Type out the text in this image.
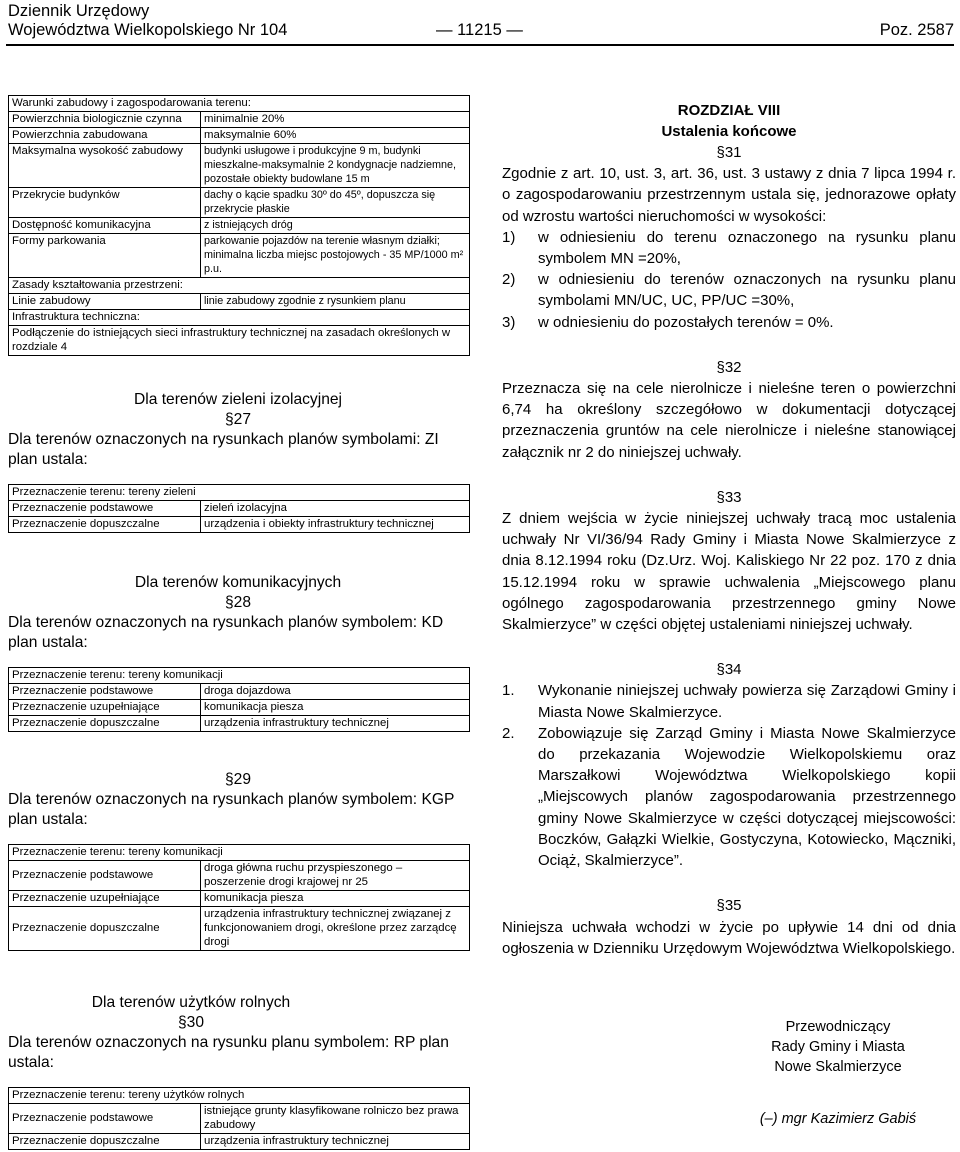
Dziennik Urzędowy
Województwa Wielkopolskiego Nr 104	— 11215 —	Poz. 2587
Warunki zabudowy i zagospodarowania terenu:	
Powierzchnia biologicznie czynna	minimalnie 20%
Powierzchnia zabudowana	maksymalnie 60%
Maksymalna wysokość zabudowy	budynki usługowe i produkcyjne 9 m, budynki mieszkalne-maksymalnie 2 kondygnacje nadziemne, pozostałe obiekty budowlane 15 m
Przekrycie budynków	dachy o kącie spadku 30º do 45º, dopuszcza się przekrycie płaskie
Dostępność komunikacyjna	z istniejących dróg
Formy parkowania	parkowanie pojazdów na terenie własnym działki; minimalna liczba miejsc postojowych - 35 MP/1000 m² p.u.
Zasady kształtowania przestrzeni:	
Linie zabudowy	linie zabudowy zgodnie z rysunkiem planu
Infrastruktura techniczna:	
Podłączenie do istniejących sieci infrastruktury technicznej na zasadach określonych w rozdziale 4	
Dla terenów zieleni izolacyjnej
§27
Dla terenów oznaczonych na rysunkach planów symbolami: ZI plan ustala:
Przeznaczenie terenu: tereny zieleni	
Przeznaczenie podstawowe	zieleń izolacyjna
Przeznaczenie dopuszczalne	urządzenia i obiekty infrastruktury technicznej
Dla terenów komunikacyjnych
§28
Dla terenów oznaczonych na rysunkach planów symbolem: KD plan ustala:
Przeznaczenie terenu: tereny komunikacji	
Przeznaczenie podstawowe	droga dojazdowa
Przeznaczenie uzupełniające	komunikacja piesza
Przeznaczenie dopuszczalne	urządzenia infrastruktury technicznej
§29
Dla terenów oznaczonych na rysunkach planów symbolem: KGP plan ustala:
Przeznaczenie terenu: tereny komunikacji	
Przeznaczenie podstawowe	droga główna ruchu przyspieszonego – poszerzenie drogi krajowej nr 25
Przeznaczenie uzupełniające	komunikacja piesza
Przeznaczenie dopuszczalne	urządzenia infrastruktury technicznej związanej z funkcjonowaniem drogi, określone przez zarządcę drogi
Dla terenów użytków rolnych
§30
Dla terenów oznaczonych na rysunku planu symbolem: RP plan ustala:
Przeznaczenie terenu: tereny użytków rolnych	
Przeznaczenie podstawowe	istniejące grunty klasyfikowane rolniczo bez prawa zabudowy
Przeznaczenie dopuszczalne	urządzenia infrastruktury technicznej
ROZDZIAŁ VIII
Ustalenia końcowe
§31

Zgodnie z art. 10, ust. 3, art. 36, ust. 3 ustawy z dnia 7 lipca 1994 r. o zagospodarowaniu przestrzennym ustala się, jednorazowe opłaty od wzrostu wartości nieruchomości w wysokości:

1)	w odniesieniu do terenu oznaczonego na rysunku planu symbolem MN =20%,
2)	w odniesieniu do terenów oznaczonych na rysunku planu symbolami MN/UC, UC, PP/UC =30%,
3)	w odniesieniu do pozostałych terenów = 0%.
§32

Przeznacza się na cele nierolnicze i nieleśne teren o powierzchni 6,74 ha określony szczegółowo w dokumentacji dotyczącej przeznaczenia gruntów na cele nierolnicze i nieleśne stanowiącej załącznik nr 2 do niniejszej uchwały.

§33

Z dniem wejścia w życie niniejszej uchwały tracą moc ustalenia uchwały Nr VI/36/94 Rady Gminy i Miasta Nowe Skalmierzyce z dnia 8.12.1994 roku (Dz.Urz. Woj. Kaliskiego Nr 22 poz. 170 z dnia 15.12.1994 roku w sprawie uchwalenia „Miejscowego planu ogólnego zagospodarowania przestrzennego gminy Nowe Skalmierzyce” w części objętej ustaleniami niniejszej uchwały.

§34
1.	Wykonanie niniejszej uchwały powierza się Zarządowi Gminy i Miasta Nowe Skalmierzyce.
2.	Zobowiązuje się Zarząd Gminy i Miasta Nowe Skalmierzyce do przekazania Wojewodzie Wielkopolskiemu oraz Marszałkowi Województwa Wielkopolskiego kopii „Miejscowych planów zagospodarowania przestrzennego gminy Nowe Skalmierzyce w części dotyczącej miejscowości: Boczków, Gałązki Wielkie, Gostyczyna, Kotowiecko, Mączniki, Ociąż, Skalmierzyce”.
§35

Niniejsza uchwała wchodzi w życie po upływie 14 dni od dnia ogłoszenia w Dzienniku Urzędowym Województwa Wielkopolskiego.

Przewodniczący
Rady Gminy i Miasta
Nowe Skalmierzyce
(–) mgr Kazimierz Gabiś
